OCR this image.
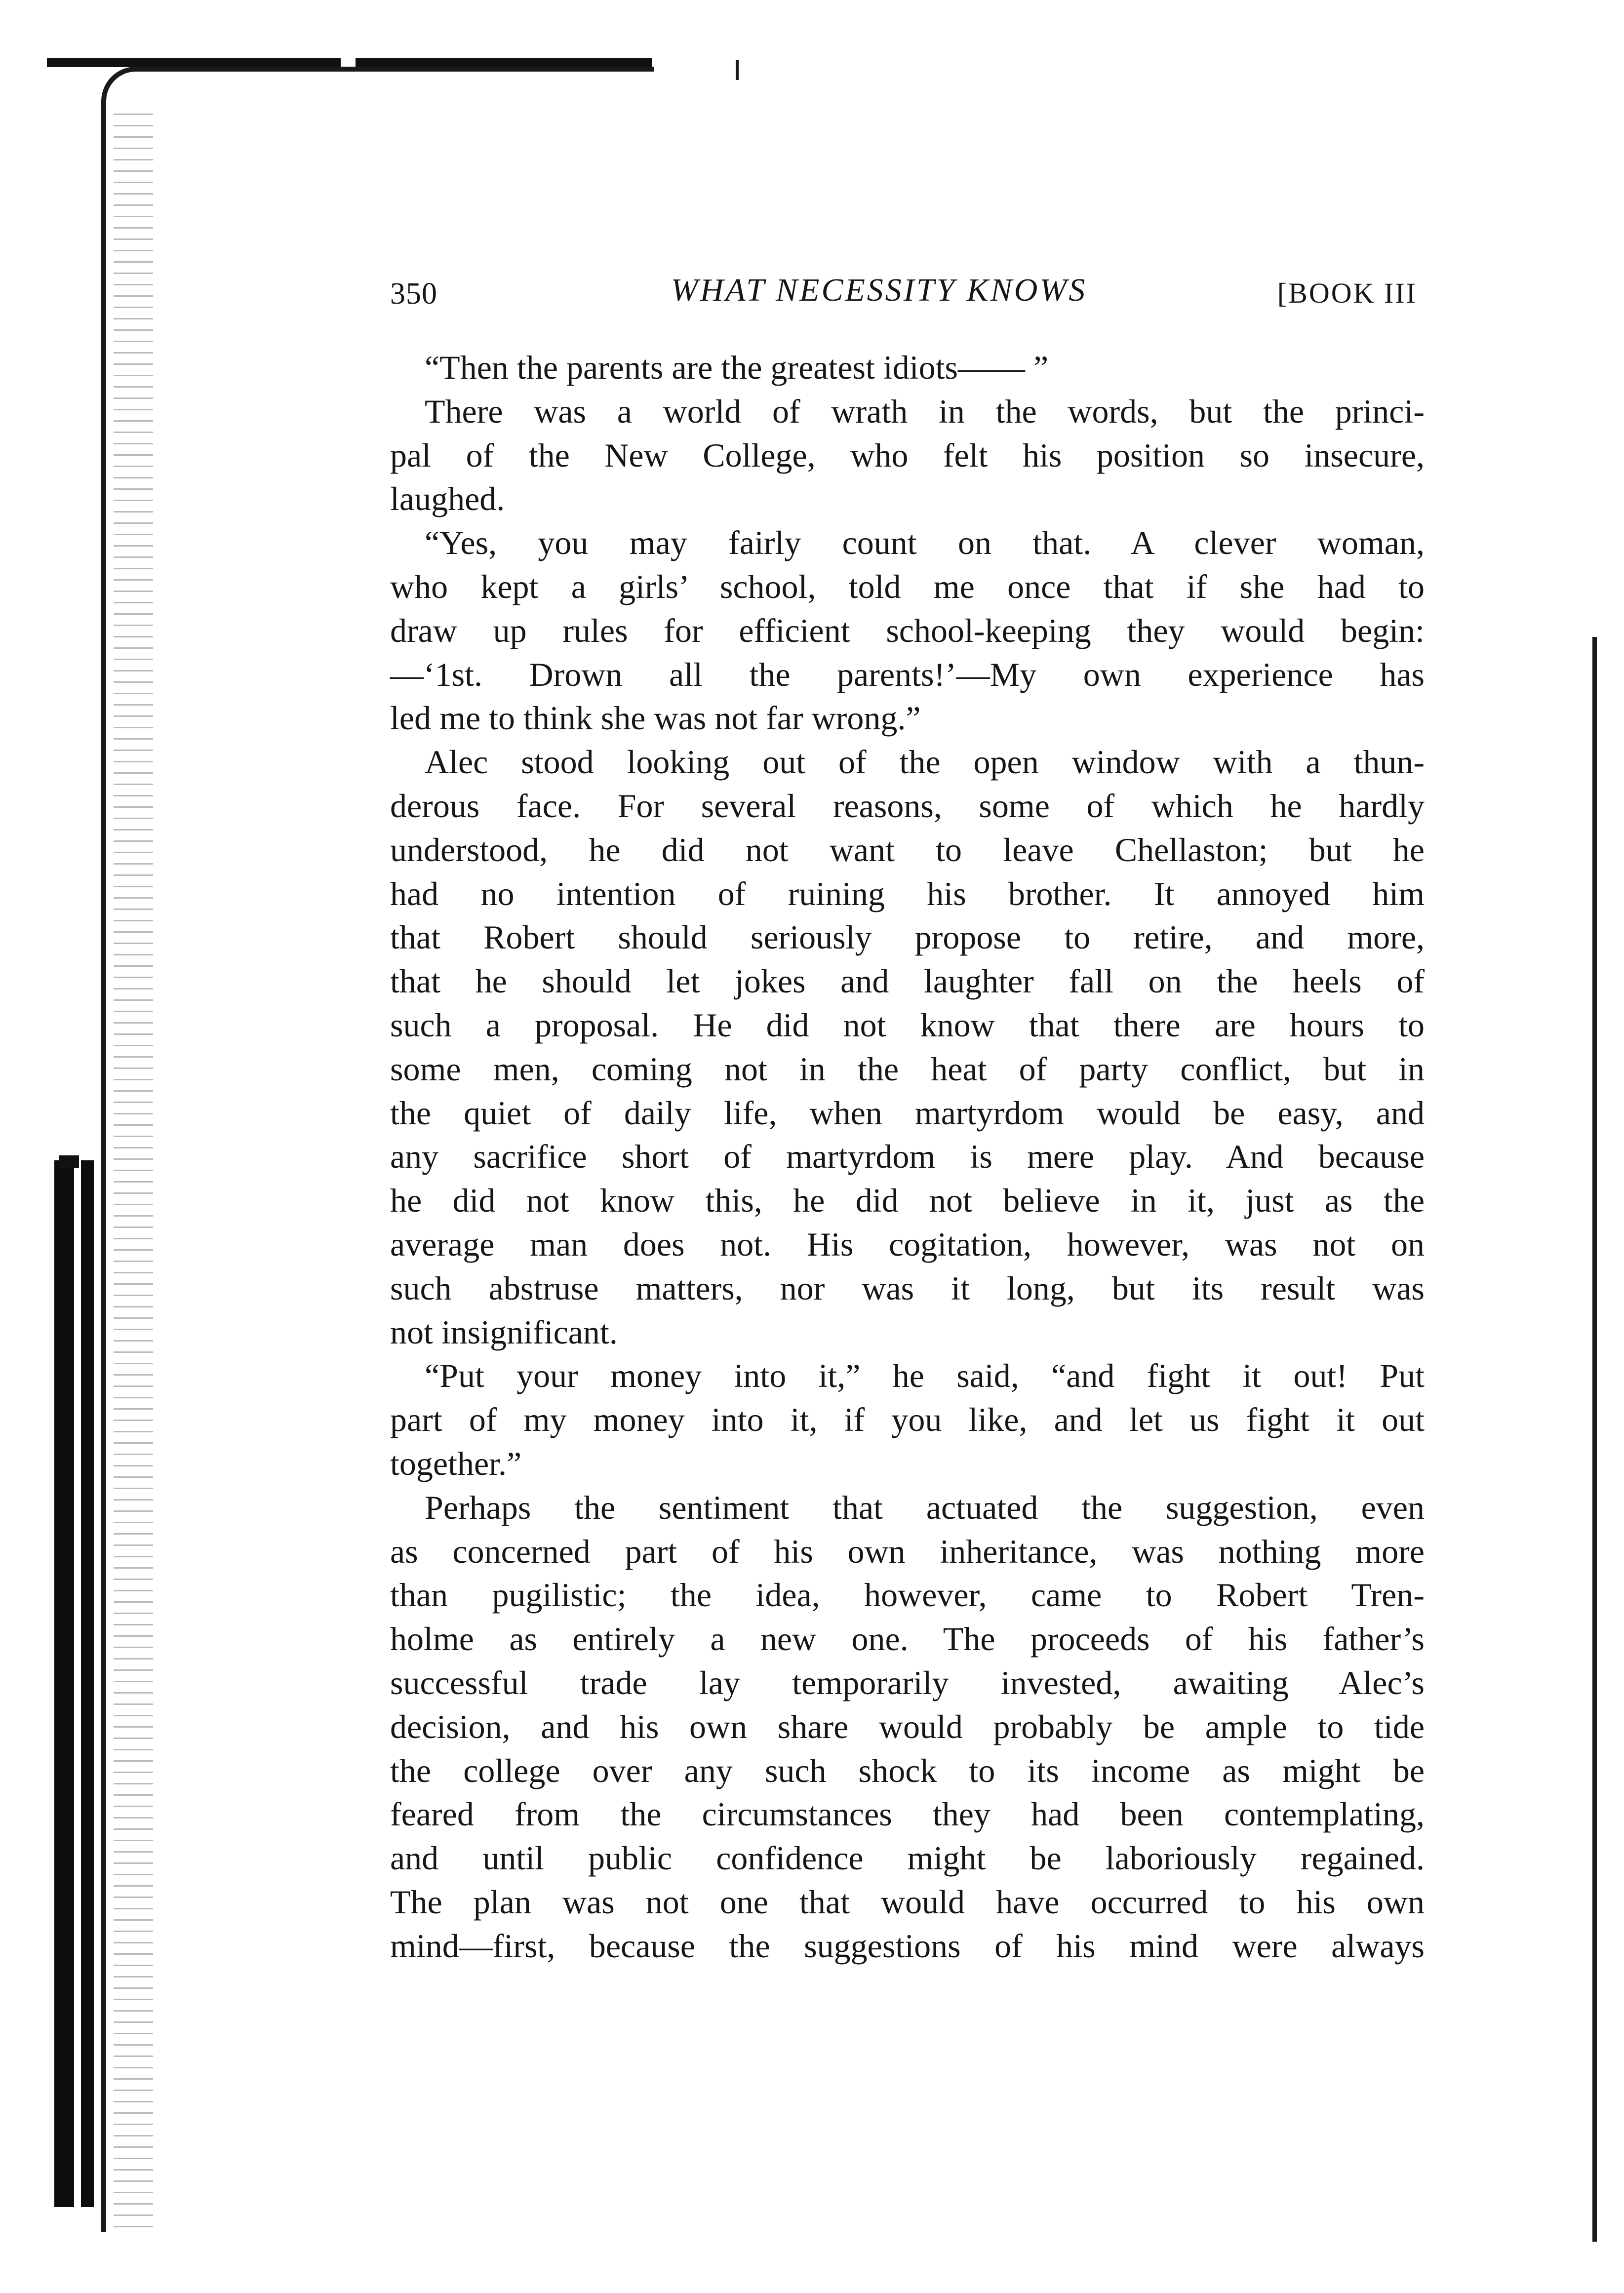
350	WHAT NECESSITY KNOWS	[BOOK III
“Then the parents are the greatest idiots—— ”
There was a world of wrath in the words, but the princi-
pal of the New College, who felt his position so insecure,
laughed.
“Yes, you may fairly count on that. A clever woman,
who kept a girls’ school, told me once that if she had to
draw up rules for efficient school-keeping they would begin:
—‘1st. Drown all the parents!’—My own experience has
led me to think she was not far wrong.”
Alec stood looking out of the open window with a thun-
derous face. For several reasons, some of which he hardly
understood, he did not want to leave Chellaston; but he
had no intention of ruining his brother. It annoyed him
that Robert should seriously propose to retire, and more,
that he should let jokes and laughter fall on the heels of
such a proposal. He did not know that there are hours to
some men, coming not in the heat of party conflict, but in
the quiet of daily life, when martyrdom would be easy, and
any sacrifice short of martyrdom is mere play. And because
he did not know this, he did not believe in it, just as the
average man does not. His cogitation, however, was not on
such abstruse matters, nor was it long, but its result was
not insignificant.
“Put your money into it,” he said, “and fight it out! Put
part of my money into it, if you like, and let us fight it out
together.”
Perhaps the sentiment that actuated the suggestion, even
as concerned part of his own inheritance, was nothing more
than pugilistic; the idea, however, came to Robert Tren-
holme as entirely a new one. The proceeds of his father’s
successful trade lay temporarily invested, awaiting Alec’s
decision, and his own share would probably be ample to tide
the college over any such shock to its income as might be
feared from the circumstances they had been contemplating,
and until public confidence might be laboriously regained.
The plan was not one that would have occurred to his own
mind—first, because the suggestions of his mind were always
